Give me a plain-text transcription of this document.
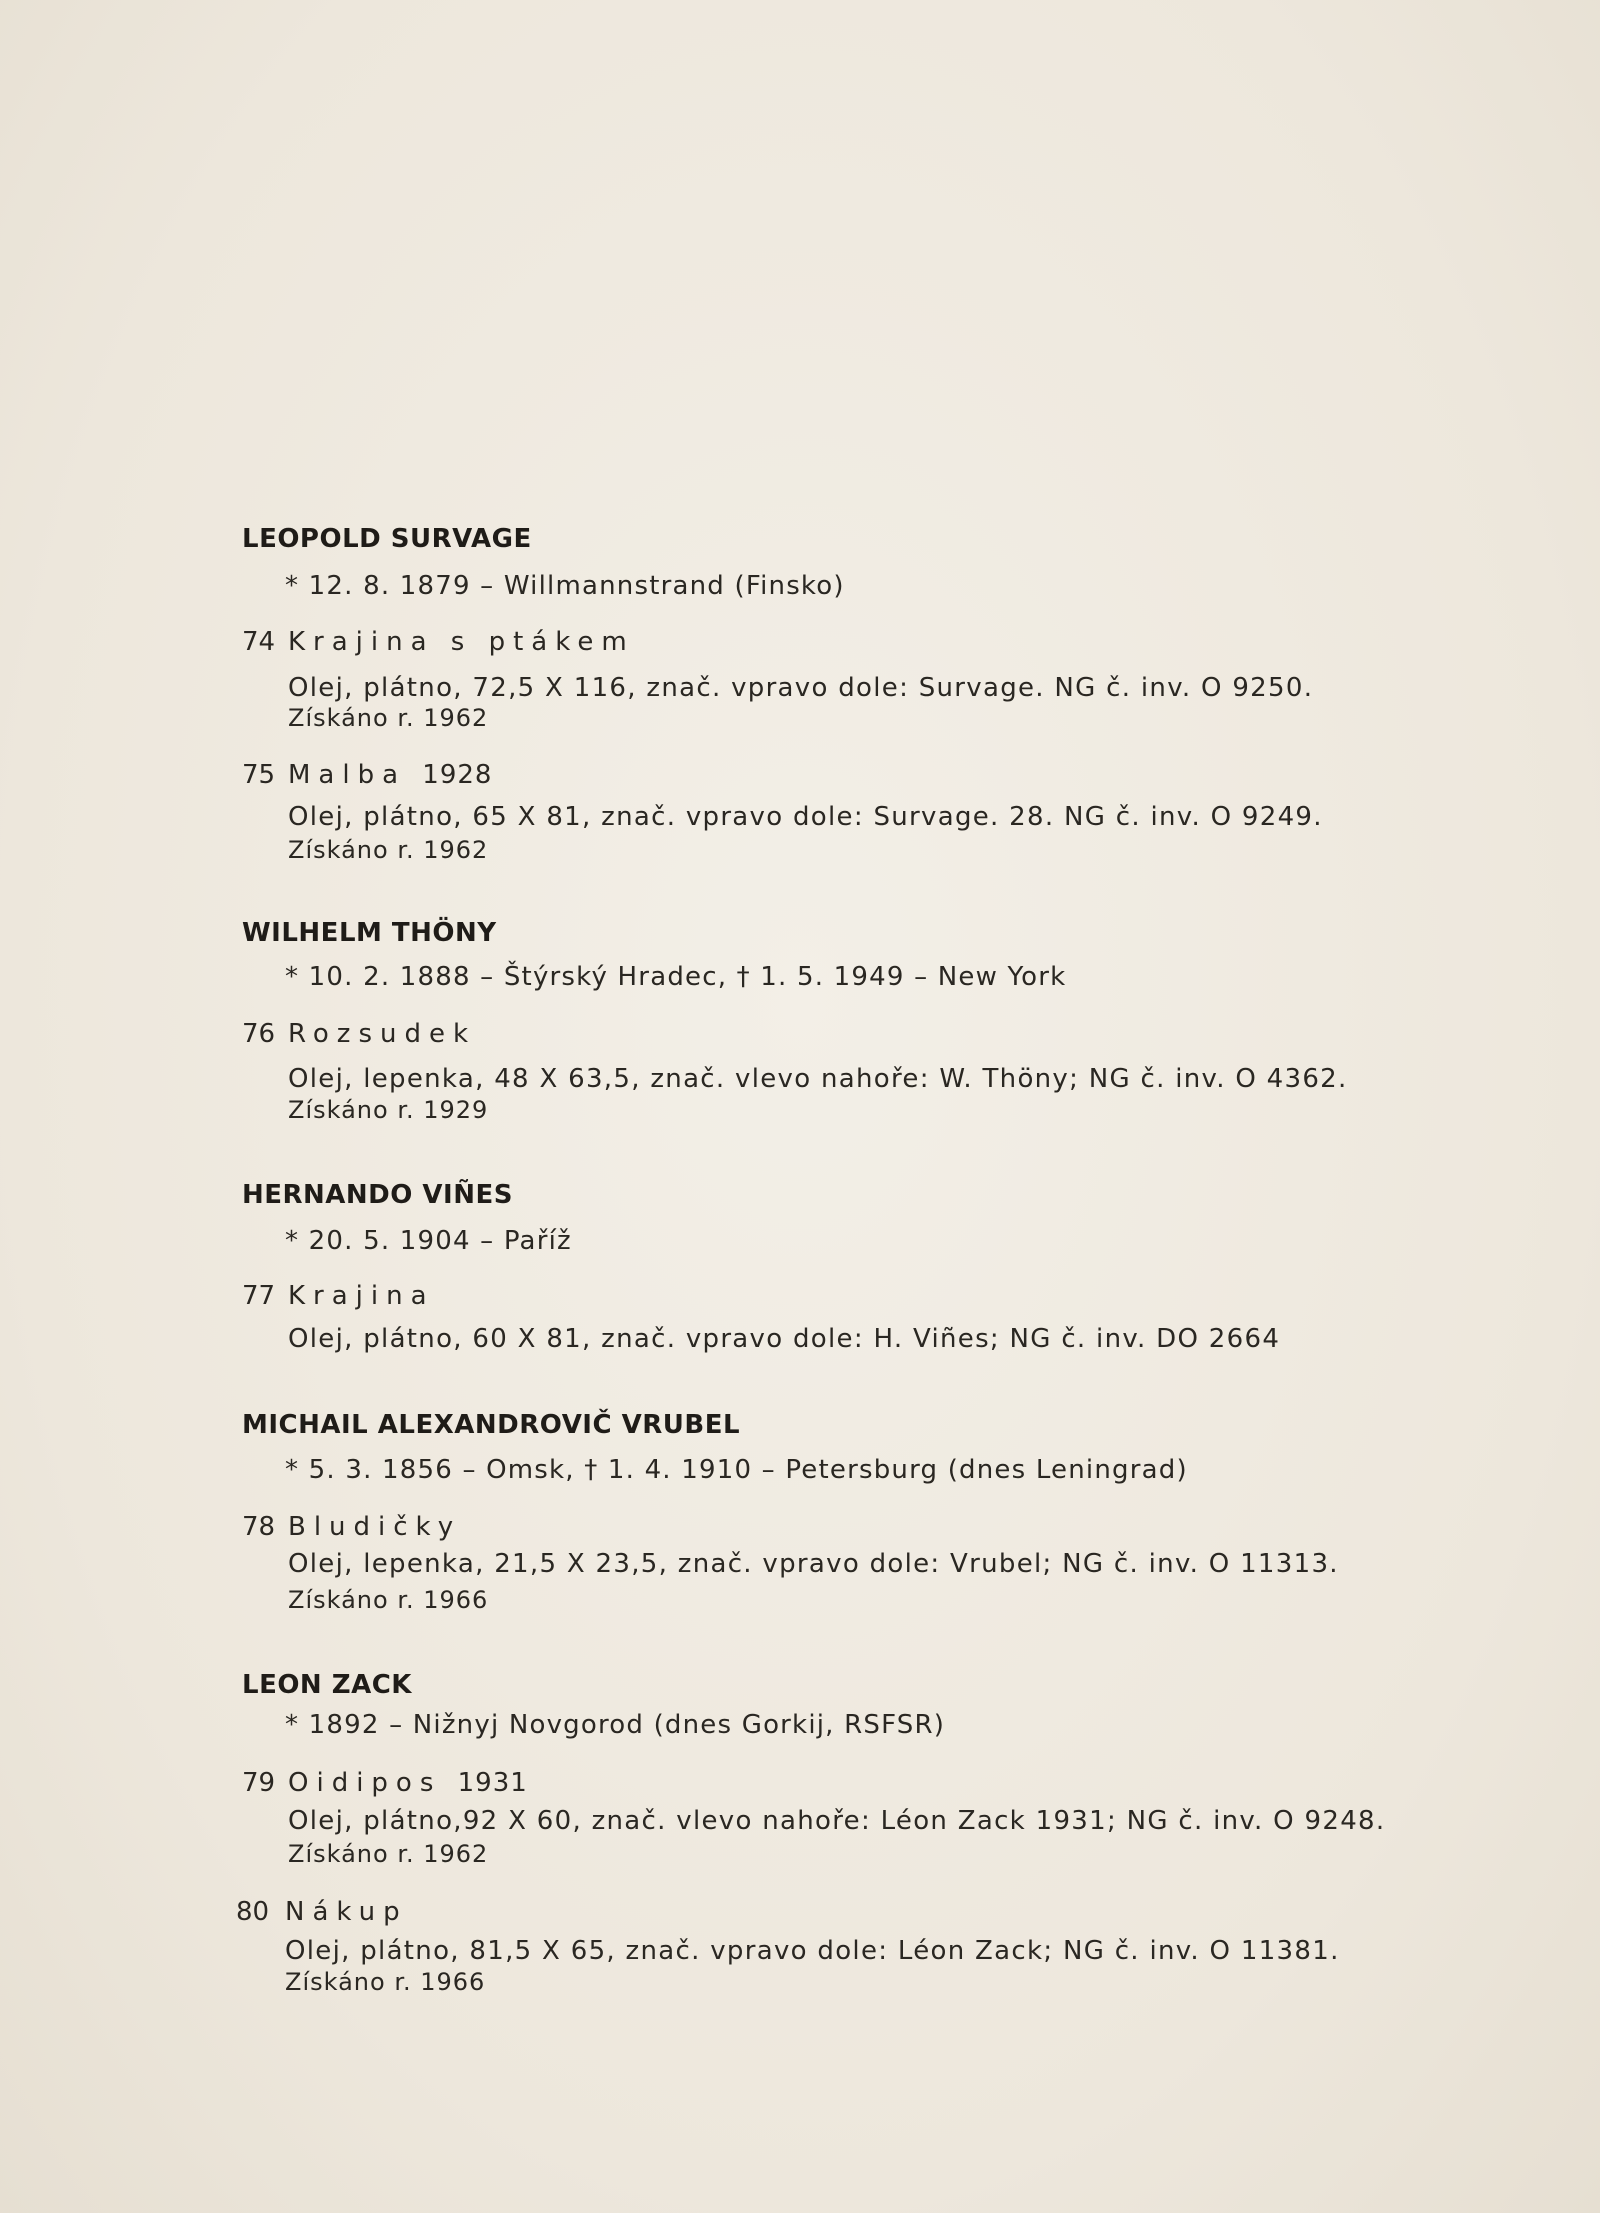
LEOPOLD SURVAGE
* 12. 8. 1879 – Willmannstrand (Finsko)
74 Krajina s ptákem
Olej, plátno, 72,5 X 116, znač. vpravo dole: Survage. NG č. inv. O 9250.
Získáno r. 1962
75 Malba 1928
Olej, plátno, 65 X 81, znač. vpravo dole: Survage. 28. NG č. inv. O 9249.
Získáno r. 1962
WILHELM THÖNY
* 10. 2. 1888 – Štýrský Hradec, † 1. 5. 1949 – New York
76 Rozsudek
Olej, lepenka, 48 X 63,5, znač. vlevo nahoře: W. Thöny; NG č. inv. O 4362.
Získáno r. 1929
HERNANDO VIÑES
* 20. 5. 1904 – Paříž
77 Krajina
Olej, plátno, 60 X 81, znač. vpravo dole: H. Viñes; NG č. inv. DO 2664
MICHAIL ALEXANDROVIČ VRUBEL
* 5. 3. 1856 – Omsk, † 1. 4. 1910 – Petersburg (dnes Leningrad)
78 Bludičky
Olej, lepenka, 21,5 X 23,5, znač. vpravo dole: Vrubel; NG č. inv. O 11313.
Získáno r. 1966
LEON ZACK
* 1892 – Nižnyj Novgorod (dnes Gorkij, RSFSR)
79 Oidipos 1931
Olej, plátno,92 X 60, znač. vlevo nahoře: Léon Zack 1931; NG č. inv. O 9248.
Získáno r. 1962
80 Nákup
Olej, plátno, 81,5 X 65, znač. vpravo dole: Léon Zack; NG č. inv. O 11381.
Získáno r. 1966
